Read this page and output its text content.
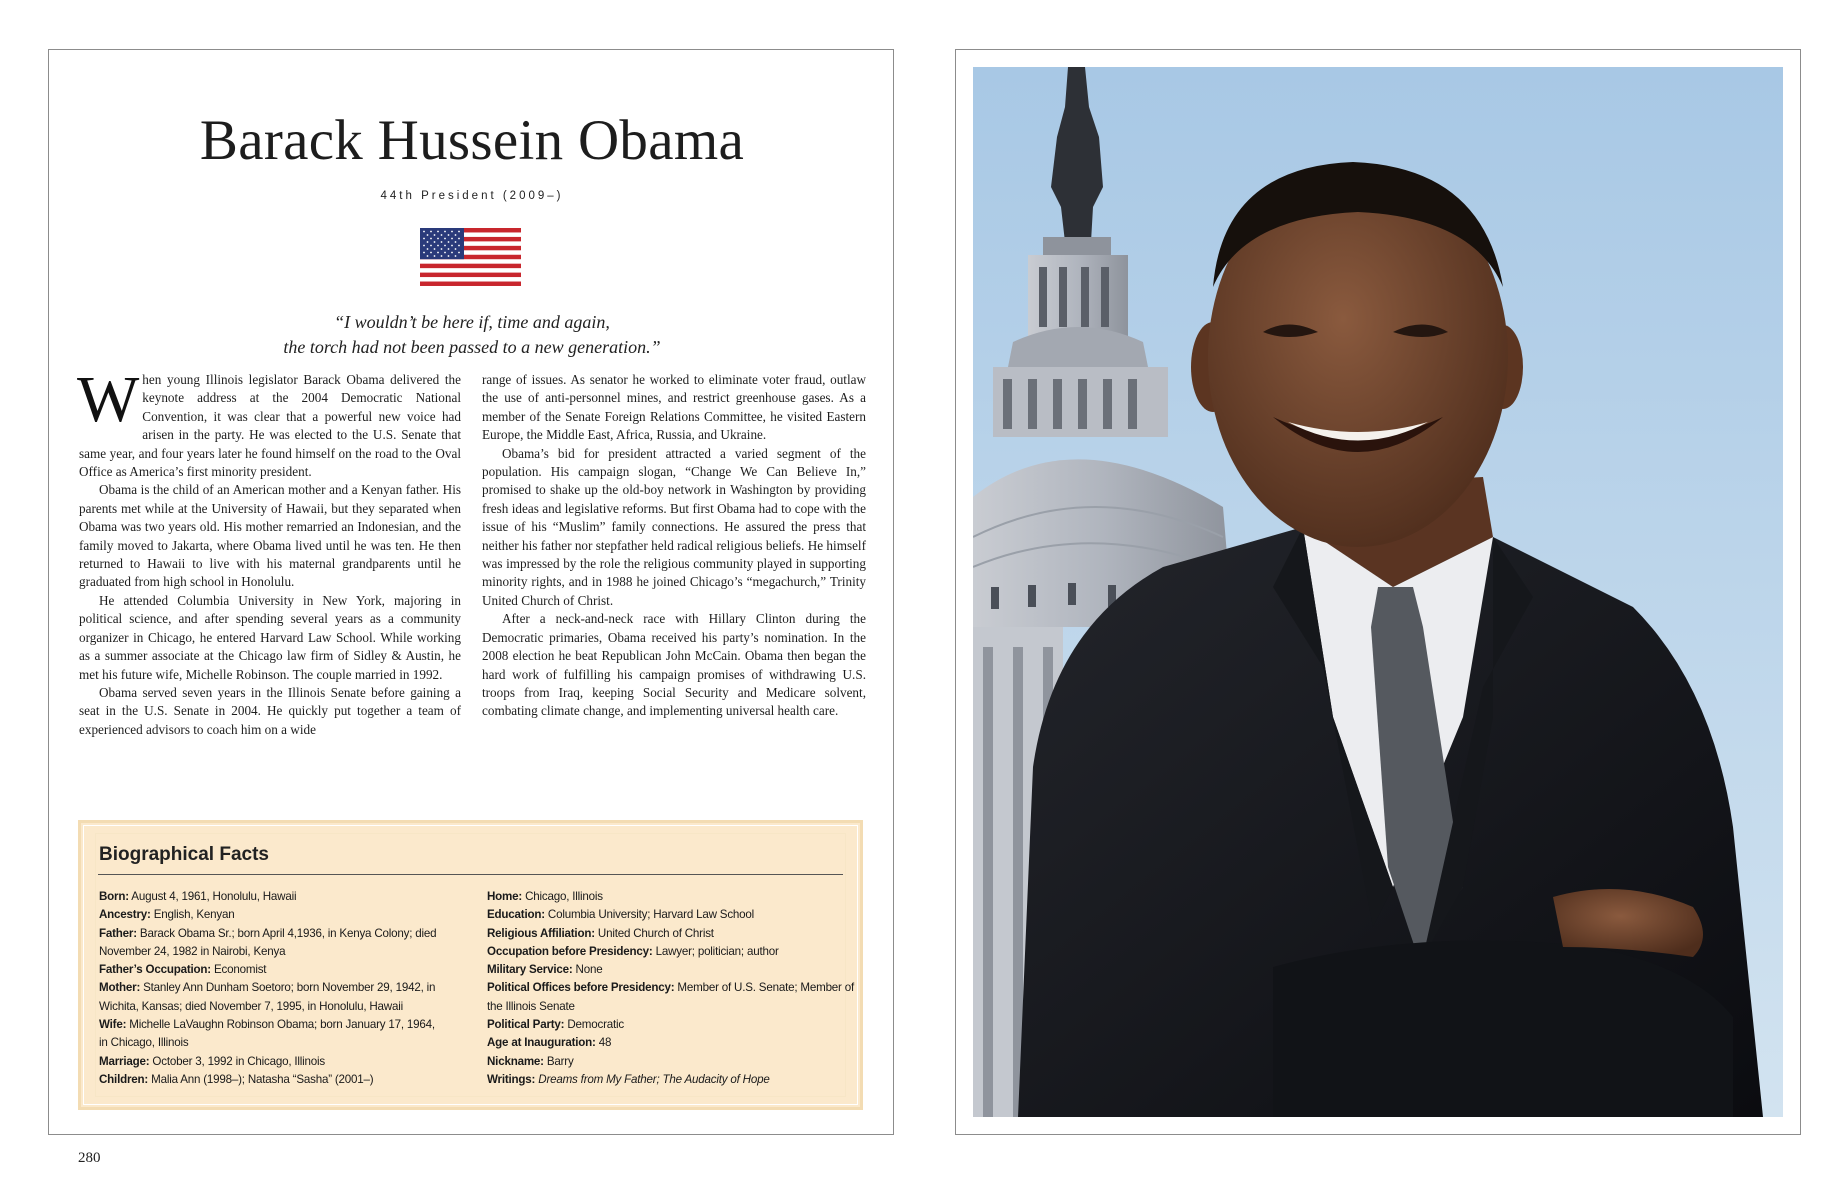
Barack Hussein Obama
44th President (2009–)
“I wouldn’t be here if, time and again,
the torch had not been passed to a new generation.”

When young Illinois legislator Barack Obama delivered the keynote address at the 2004 Democratic National Convention, it was clear that a powerful new voice had arisen in the party. He was elected to the U.S. Senate that same year, and four years later he found himself on the road to the Oval Office as America’s first minority president.

Obama is the child of an American mother and a Kenyan father. His parents met while at the University of Hawaii, but they separated when Obama was two years old. His mother remarried an Indonesian, and the family moved to Jakarta, where Obama lived until he was ten. He then returned to Hawaii to live with his maternal grandparents until he graduated from high school in Honolulu.

He attended Columbia University in New York, majoring in political science, and after spending several years as a community organizer in Chicago, he entered Harvard Law School. While working as a summer associate at the Chicago law firm of Sidley & Austin, he met his future wife, Michelle Robinson. The couple married in 1992.

Obama served seven years in the Illinois Senate before gaining a seat in the U.S. Senate in 2004. He quickly put together a team of experienced advisors to coach him on a wide

range of issues. As senator he worked to eliminate voter fraud, outlaw the use of anti-personnel mines, and restrict greenhouse gases. As a member of the Senate Foreign Relations Committee, he visited Eastern Europe, the Middle East, Africa, Russia, and Ukraine.

Obama’s bid for president attracted a varied segment of the population. His campaign slogan, “Change We Can Believe In,” promised to shake up the old-boy network in Washington by providing fresh ideas and legislative reforms. But first Obama had to cope with the issue of his “Muslim” family connections. He assured the press that neither his father nor stepfather held radical religious beliefs. He himself was impressed by the role the religious community played in supporting minority rights, and in 1988 he joined Chicago’s “megachurch,” Trinity United Church of Christ.

After a neck-and-neck race with Hillary Clinton during the Democratic primaries, Obama received his party’s nomination. In the 2008 election he beat Republican John McCain. Obama then began the hard work of fulfilling his campaign promises of withdrawing U.S. troops from Iraq, keeping Social Security and Medicare solvent, combating climate change, and implementing universal health care.

Biographical Facts
Born: August 4, 1961, Honolulu, Hawaii
Ancestry: English, Kenyan
Father: Barack Obama Sr.; born April 4,1936, in Kenya Colony; died November 24, 1982 in Nairobi, Kenya
Father’s Occupation: Economist
Mother: Stanley Ann Dunham Soetoro; born November 29, 1942, in Wichita, Kansas; died November 7, 1995, in Honolulu, Hawaii
Wife: Michelle LaVaughn Robinson Obama; born January 17, 1964, in Chicago, Illinois
Marriage: October 3, 1992 in Chicago, Illinois
Children: Malia Ann (1998–); Natasha “Sasha” (2001–)
Home: Chicago, Illinois
Education: Columbia University; Harvard Law School
Religious Affiliation: United Church of Christ
Occupation before Presidency: Lawyer; politician; author
Military Service: None
Political Offices before Presidency: Member of U.S. Senate; Member of the Illinois Senate
Political Party: Democratic
Age at Inauguration: 48
Nickname: Barry
Writings: Dreams from My Father; The Audacity of Hope
280
